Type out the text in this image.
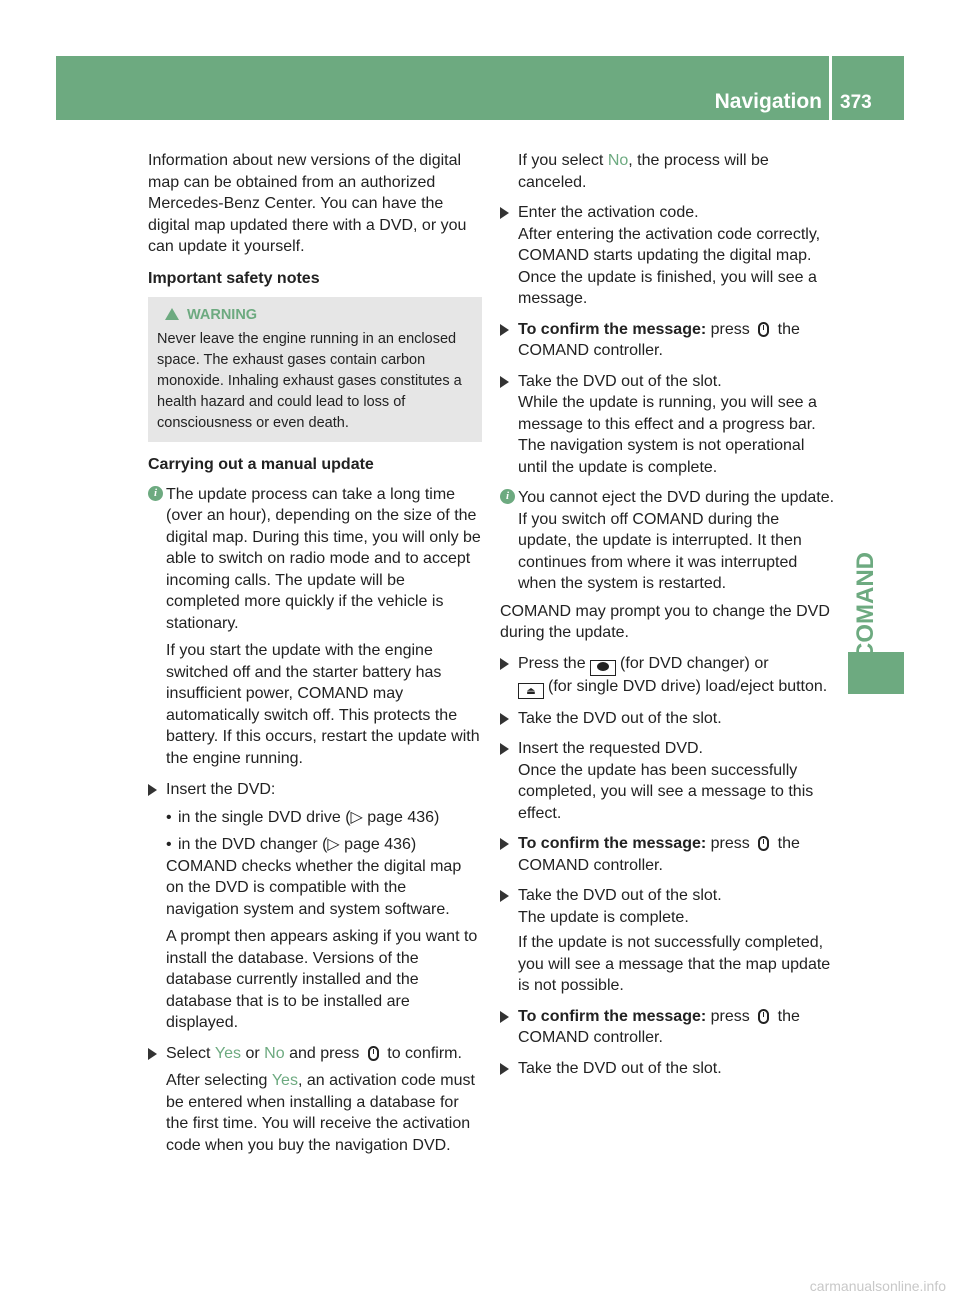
Navigation 373
COMAND

Information about new versions of the digital map can be obtained from an authorized Mercedes-Benz Center. You can have the digital map updated there with a DVD, or you can update it yourself.

Important safety notes

WARNING
Never leave the engine running in an enclosed space. The exhaust gases contain carbon monoxide. Inhaling exhaust gases constitutes a health hazard and could lead to loss of consciousness or even death.

Carrying out a manual update

i The update process can take a long time (over an hour), depending on the size of the digital map. During this time, you will only be able to switch on radio mode and to accept incoming calls. The update will be completed more quickly if the vehicle is stationary.

If you start the update with the engine switched off and the starter battery has insufficient power, COMAND may automatically switch off. This protects the battery. If this occurs, restart the update with the engine running.

Insert the DVD:

• in the single DVD drive (▷ page 436)

• in the DVD changer (▷ page 436)

COMAND checks whether the digital map on the DVD is compatible with the navigation system and system software.

A prompt then appears asking if you want to install the database. Versions of the database currently installed and the database that is to be installed are displayed.

Select Yes or No and press to confirm.

After selecting Yes, an activation code must be entered when installing a database for the first time. You will receive the activation code when you buy the navigation DVD.

If you select No, the process will be canceled.

Enter the activation code.

After entering the activation code correctly, COMAND starts updating the digital map. Once the update is finished, you will see a message.

To confirm the message: press the

COMAND controller.

Take the DVD out of the slot.

While the update is running, you will see a message to this effect and a progress bar. The navigation system is not operational until the update is complete.

i You cannot eject the DVD during the update. If you switch off COMAND during the update, the update is interrupted. It then continues from where it was interrupted when the system is restarted.

COMAND may prompt you to change the DVD during the update.

Press the (for DVD changer) or

⏏ (for single DVD drive) load/eject button.

Take the DVD out of the slot.

Insert the requested DVD.

Once the update has been successfully completed, you will see a message to this effect.

To confirm the message: press the

COMAND controller.

Take the DVD out of the slot.

The update is complete.

If the update is not successfully completed, you will see a message that the map update is not possible.

To confirm the message: press the

COMAND controller.

Take the DVD out of the slot.

carmanualsonline.info
